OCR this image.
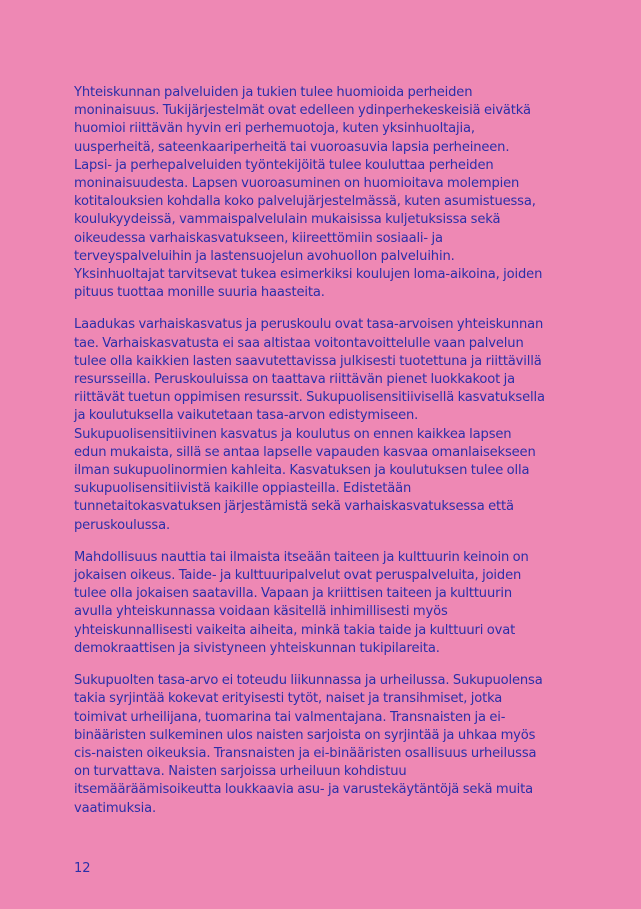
Yhteiskunnan palveluiden ja tukien tulee huomioida perheiden moninaisuus. Tukijärjestelmät ovat edelleen ydinperhekeskeisiä eivätkä huomioi riittävän hyvin eri perhemuotoja, kuten yksinhuoltajia, uusperheitä, sateenkaariperheitä tai vuoroasuvia lapsia perheineen. Lapsi- ja perhepalveluiden työntekijöitä tulee kouluttaa perheiden moninaisuudesta. Lapsen vuoroasuminen on huomioitava molempien kotitalouksien kohdalla koko palvelujärjestelmässä, kuten asumistuessa, koulukyydeissä, vammaispalvelulain mukaisissa kuljetuksissa sekä oikeudessa varhaiskasvatukseen, kiireettömiin sosiaali- ja terveyspalveluihin ja lastensuojelun avohuollon palveluihin. Yksinhuoltajat tarvitsevat tukea esimerkiksi koulujen loma-aikoina, joiden pituus tuottaa monille suuria haasteita.

Laadukas varhaiskasvatus ja peruskoulu ovat tasa-arvoisen yhteiskunnan tae. Varhaiskasvatusta ei saa altistaa voitontavoittelulle vaan palvelun tulee olla kaikkien lasten saavutettavissa julkisesti tuotettuna ja riittävillä resursseilla. Peruskouluissa on taattava riittävän pienet luokkakoot ja riittävät tuetun oppimisen resurssit. Sukupuolisensitiivisellä kasvatuksella ja koulutuksella vaikutetaan tasa-arvon edistymiseen. Sukupuolisensitiivinen kasvatus ja koulutus on ennen kaikkea lapsen edun mukaista, sillä se antaa lapselle vapauden kasvaa omanlaisekseen ilman sukupuolinormien kahleita. Kasvatuksen ja koulutuksen tulee olla sukupuolisensitiivistä kaikille oppiasteilla. Edistetään tunnetaitokasvatuksen järjestämistä sekä varhaiskasvatuksessa että peruskoulussa.

Mahdollisuus nauttia tai ilmaista itseään taiteen ja kulttuurin keinoin on jokaisen oikeus. Taide- ja kulttuuripalvelut ovat peruspalveluita, joiden tulee olla jokaisen saatavilla. Vapaan ja kriittisen taiteen ja kulttuurin avulla yhteiskunnassa voidaan käsitellä inhimillisesti myös yhteiskunnallisesti vaikeita aiheita, minkä takia taide ja kulttuuri ovat demokraattisen ja sivistyneen yhteiskunnan tukipilareita.

Sukupuolten tasa-arvo ei toteudu liikunnassa ja urheilussa. Sukupuolensa takia syrjintää kokevat erityisesti tytöt, naiset ja transihmiset, jotka toimivat urheilijana, tuomarina tai valmentajana. Transnaisten ja ei-binääristen sulkeminen ulos naisten sarjoista on syrjintää ja uhkaa myös cis-naisten oikeuksia. Transnaisten ja ei-binääristen osallisuus urheilussa on turvattava. Naisten sarjoissa urheiluun kohdistuu itsemääräämisoikeutta loukkaavia asu- ja varustekäytäntöjä sekä muita vaatimuksia.

12
